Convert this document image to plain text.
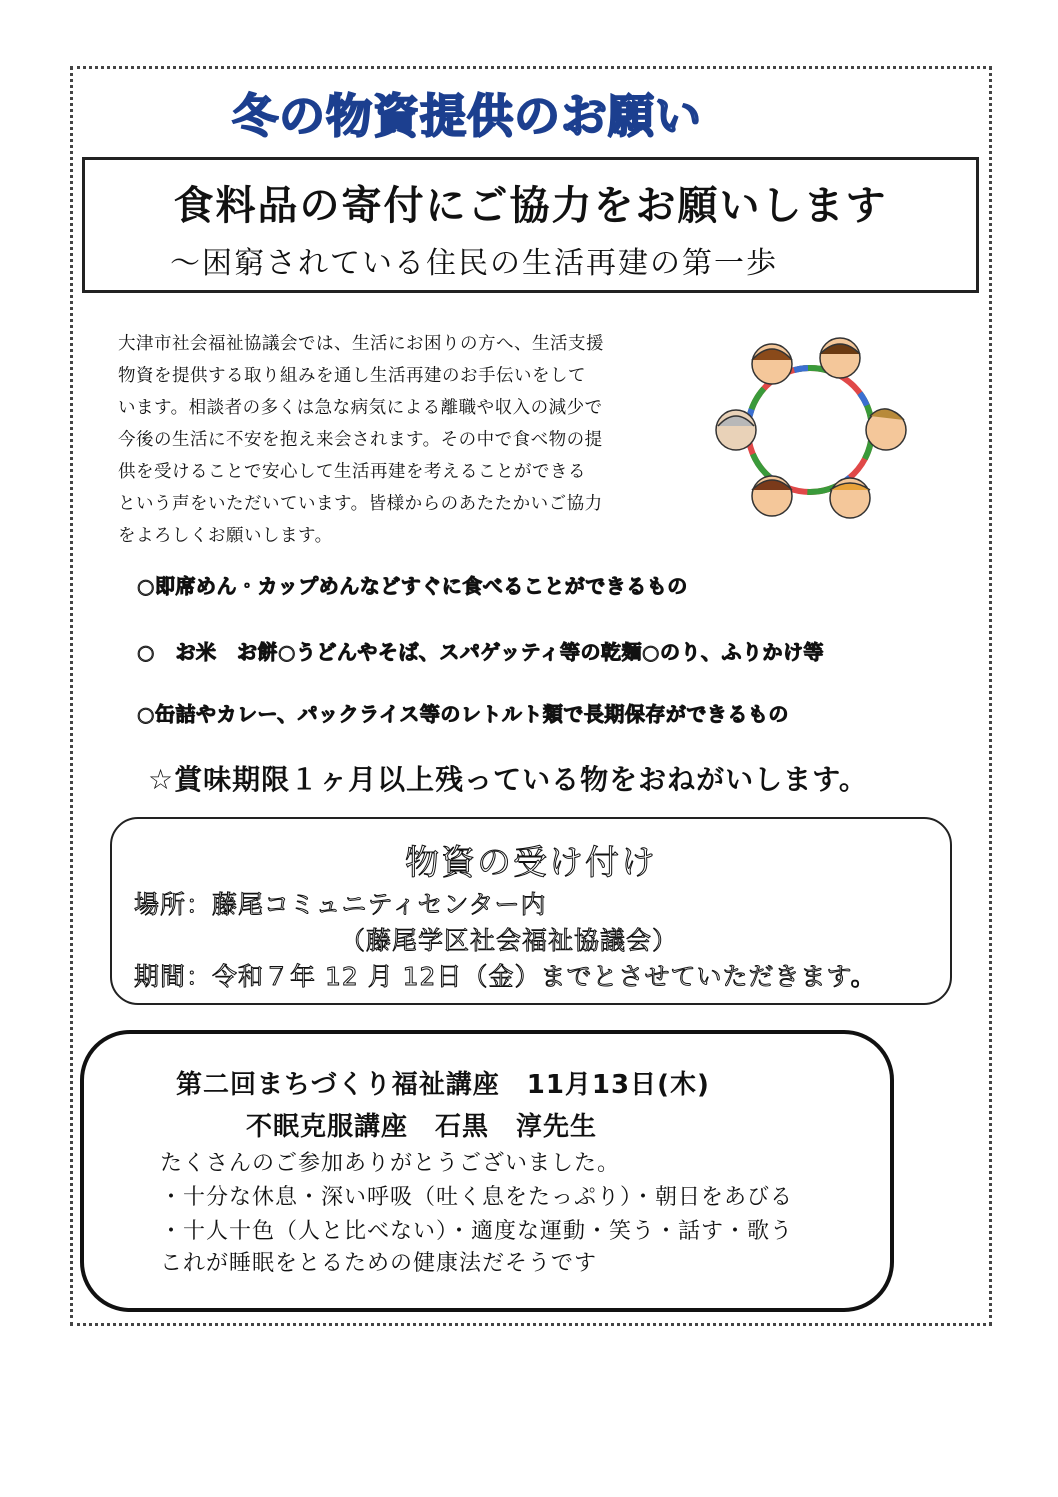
冬の物資提供のお願い
食料品の寄付にご協力をお願いします
～困窮されている住民の生活再建の第一歩
大津市社会福祉協議会では、生活にお困りの方へ、生活支援
物資を提供する取り組みを通し生活再建のお手伝いをして
います。相談者の多くは急な病気による離職や収入の減少で
今後の生活に不安を抱え来会されます。その中で食べ物の提
供を受けることで安心して生活再建を考えることができる
という声をいただいています。皆様からのあたたかいご協力
をよろしくお願いします。
○即席めん・カップめんなどすぐに食べることができるもの
○　お米　お餅○うどんやそば、スパゲッティ等の乾麺○のり、ふりかけ等
○缶詰やカレー、パックライス等のレトルト類で長期保存ができるもの
☆賞味期限１ヶ月以上残っている物をおねがいします。
物資の受け付け
場所：藤尾コミュニティセンター内
（藤尾学区社会福祉協議会）
期間：令和７年 12 月 12日（金）までとさせていただきます。
第二回まちづくり福祉講座　11月13日(木)
不眠克服講座　石黒　淳先生
たくさんのご参加ありがとうございました。
・十分な休息・深い呼吸（吐く息をたっぷり）・朝日をあびる
・十人十色（人と比べない）・適度な運動・笑う・話す・歌う
これが睡眠をとるための健康法だそうです
